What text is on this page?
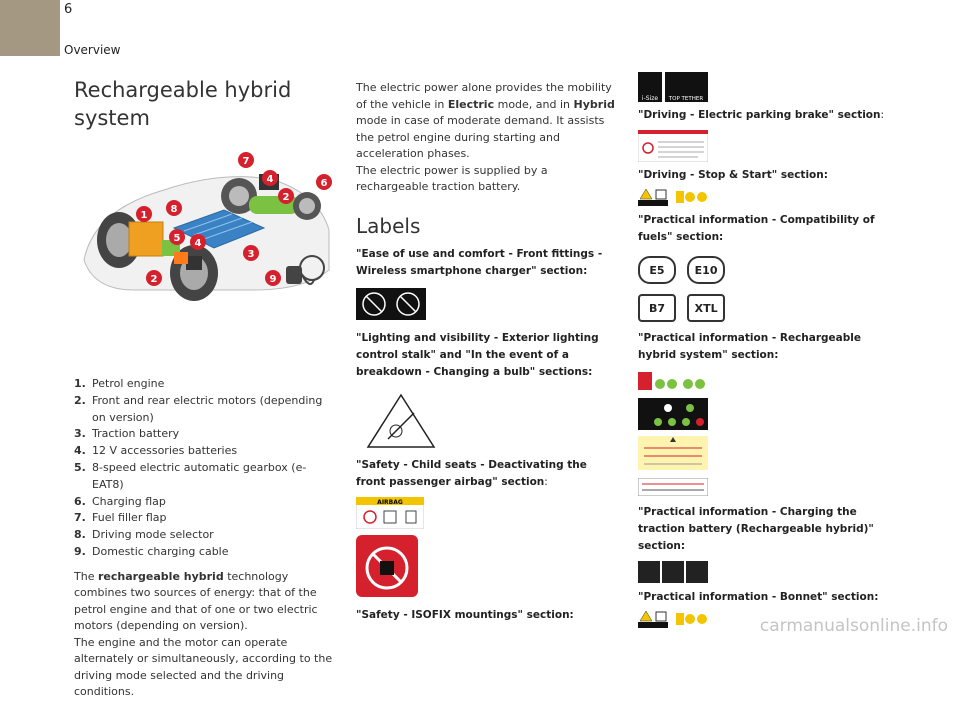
6
Overview
Rechargeable hybrid system
7
4	6
2
8
1
5 4
3
2	9
1. Petrol engine
2. Front and rear electric motors (depending on version)
3. Traction battery
4. 12 V accessories batteries
5. 8-speed electric automatic gearbox (e-EAT8)
6. Charging flap
7. Fuel filler flap
8. Driving mode selector
9. Domestic charging cable

The rechargeable hybrid technology combines two sources of energy: that of the petrol engine and that of one or two electric motors (depending on version).

The engine and the motor can operate alternately or simultaneously, according to the driving mode selected and the driving conditions.

The electric power alone provides the mobility of the vehicle in Electric mode, and in Hybrid mode in case of moderate demand. It assists the petrol engine during starting and acceleration phases.

The electric power is supplied by a rechargeable traction battery.

Labels

"Ease of use and comfort - Front fittings - Wireless smartphone charger" section:

"Lighting and visibility - Exterior lighting control stalk" and "In the event of a breakdown - Changing a bulb" sections:

"Safety - Child seats - Deactivating the front passenger airbag" section:

AIRBAG

"Safety - ISOFIX mountings" section:

i-Size TOP TETHER

"Driving - Electric parking brake" section:

"Driving - Stop & Start" section:

"Practical information - Compatibility of fuels" section:

E5	E10
B7	XTL

"Practical information - Rechargeable hybrid system" section:

"Practical information - Charging the traction battery (Rechargeable hybrid)" section:

"Practical information - Bonnet" section:

carmanualsonline.info
